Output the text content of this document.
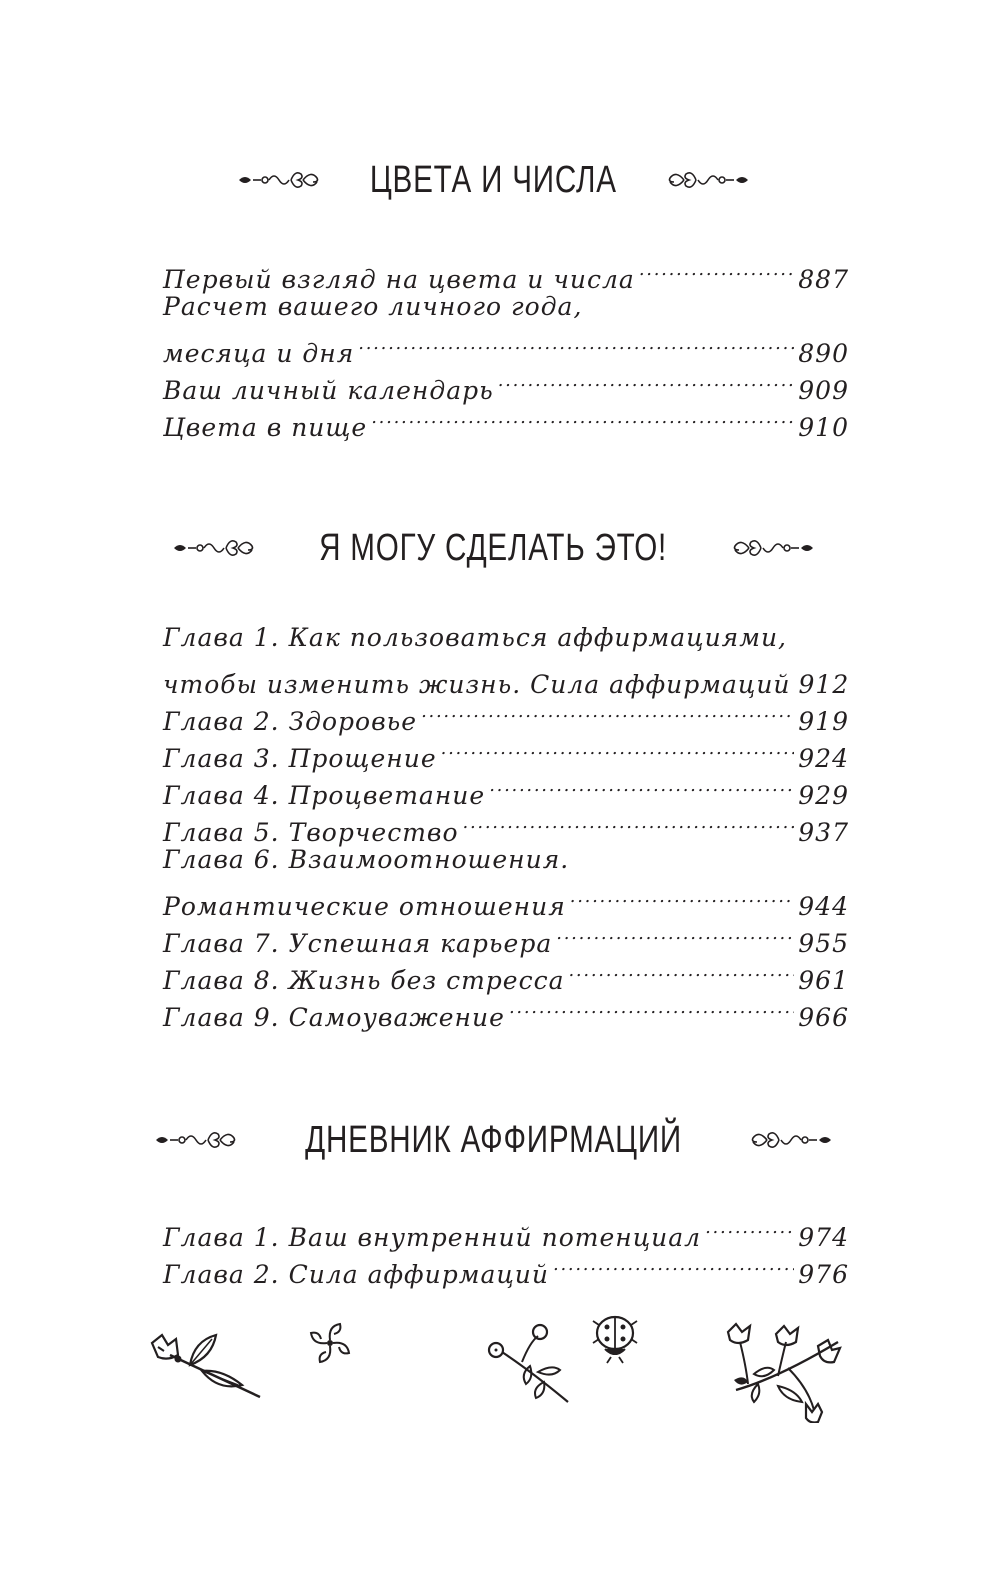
ЦВЕТА И ЧИСЛА
Первый взгляд на цвета и числа . . .	887
Расчет вашего личного года,
месяца и дня . . .	890
Ваш личный календарь . . .	909
Цвета в пище . . .	910
Я МОГУ СДЕЛАТЬ ЭТО!
Глава 1. Как пользоваться аффирмациями,
чтобы изменить жизнь. Сила аффирмаций 912
Глава 2. Здоровье . . .	919
Глава 3. Прощение . . .	924
Глава 4. Процветание . . .	929
Глава 5. Творчество . . .	937
Глава 6. Взаимоотношения.
Романтические отношения . . .	944
Глава 7. Успешная карьера . . .	955
Глава 8. Жизнь без стресса . . .	961
Глава 9. Самоуважение . . .	966
ДНЕВНИК АФФИРМАЦИЙ
Глава 1. Ваш внутренний потенциал . . .	974
Глава 2. Сила аффирмаций . . .	976
